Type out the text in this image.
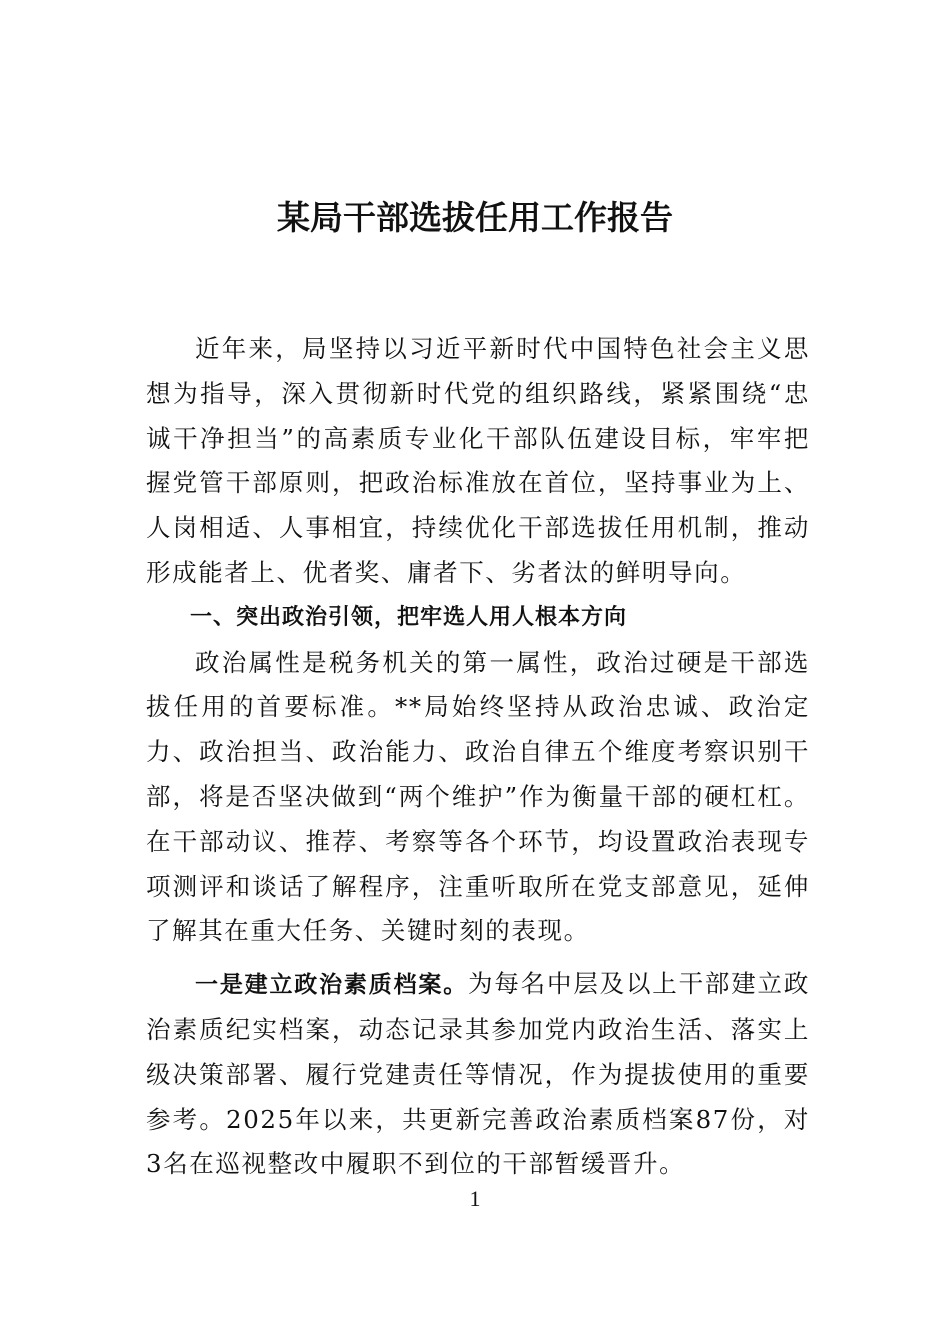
某局干部选拔任用工作报告

近年来，局坚持以习近平新时代中国特色社会主义思想为指导，深入贯彻新时代党的组织路线，紧紧围绕“忠诚干净担当”的高素质专业化干部队伍建设目标，牢牢把握党管干部原则，把政治标准放在首位，坚持事业为上、人岗相适、人事相宜，持续优化干部选拔任用机制，推动形成能者上、优者奖、庸者下、劣者汰的鲜明导向。

一、突出政治引领，把牢选人用人根本方向

政治属性是税务机关的第一属性，政治过硬是干部选拔任用的首要标准。**局始终坚持从政治忠诚、政治定力、政治担当、政治能力、政治自律五个维度考察识别干部，将是否坚决做到“两个维护”作为衡量干部的硬杠杠。在干部动议、推荐、考察等各个环节，均设置政治表现专项测评和谈话了解程序，注重听取所在党支部意见，延伸了解其在重大任务、关键时刻的表现。

一是建立政治素质档案。为每名中层及以上干部建立政治素质纪实档案，动态记录其参加党内政治生活、落实上级决策部署、履行党建责任等情况，作为提拔使用的重要参考。2025年以来，共更新完善政治素质档案87份，对3名在巡视整改中履职不到位的干部暂缓晋升。

1
